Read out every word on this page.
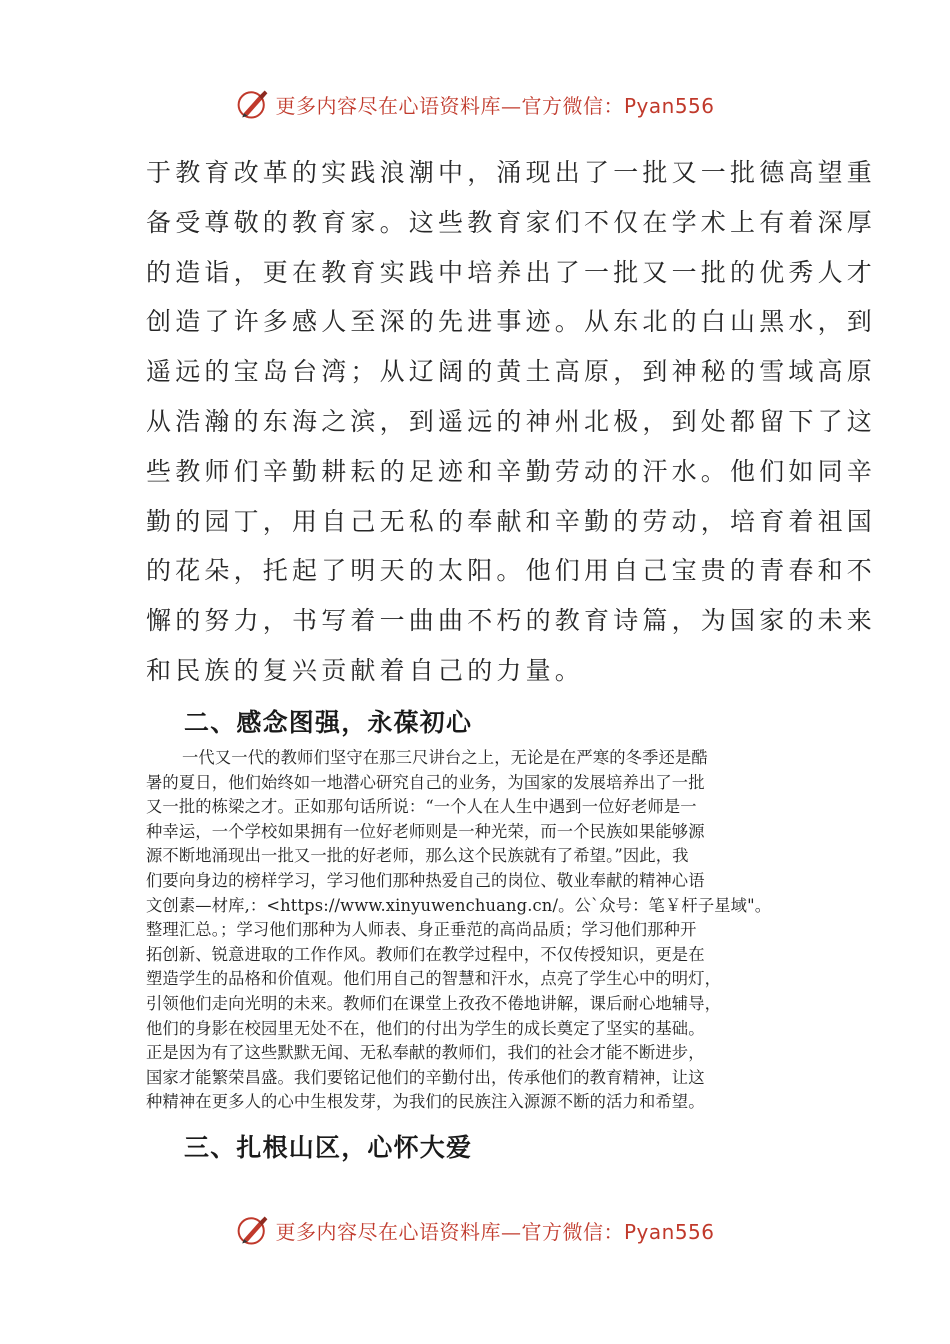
更多内容尽在心语资料库—官方微信：Pyan556
于教育改革的实践浪潮中，涌现出了一批又一批德高望重
备受尊敬的教育家。这些教育家们不仅在学术上有着深厚
的造诣，更在教育实践中培养出了一批又一批的优秀人才
创造了许多感人至深的先进事迹。从东北的白山黑水，到
遥远的宝岛台湾；从辽阔的黄土高原，到神秘的雪域高原
从浩瀚的东海之滨，到遥远的神州北极，到处都留下了这
些教师们辛勤耕耘的足迹和辛勤劳动的汗水。他们如同辛
勤的园丁，用自己无私的奉献和辛勤的劳动，培育着祖国
的花朵，托起了明天的太阳。他们用自己宝贵的青春和不
懈的努力，书写着一曲曲不朽的教育诗篇，为国家的未来
和民族的复兴贡献着自己的力量。
二、感念图强，永葆初心
一代又一代的教师们坚守在那三尺讲台之上，无论是在严寒的冬季还是酷
暑的夏日，他们始终如一地潜心研究自己的业务，为国家的发展培养出了一批
又一批的栋梁之才。正如那句话所说：“一个人在人生中遇到一位好老师是一
种幸运，一个学校如果拥有一位好老师则是一种光荣，而一个民族如果能够源
源不断地涌现出一批又一批的好老师，那么这个民族就有了希望。”因此，我
们要向身边的榜样学习，学习他们那种热爱自己的岗位、敬业奉献的精神心语
文创素—材库,：<https://www.xinyuwenchuang.cn/。公`众号：笔￥杆子星域"。
整理汇总。；学习他们那种为人师表、身正垂范的高尚品质；学习他们那种开
拓创新、锐意进取的工作作风。教师们在教学过程中，不仅传授知识，更是在
塑造学生的品格和价值观。他们用自己的智慧和汗水，点亮了学生心中的明灯，
引领他们走向光明的未来。教师们在课堂上孜孜不倦地讲解，课后耐心地辅导，
他们的身影在校园里无处不在，他们的付出为学生的成长奠定了坚实的基础。
正是因为有了这些默默无闻、无私奉献的教师们，我们的社会才能不断进步，
国家才能繁荣昌盛。我们要铭记他们的辛勤付出，传承他们的教育精神，让这
种精神在更多人的心中生根发芽，为我们的民族注入源源不断的活力和希望。
三、扎根山区，心怀大爱
更多内容尽在心语资料库—官方微信：Pyan556
